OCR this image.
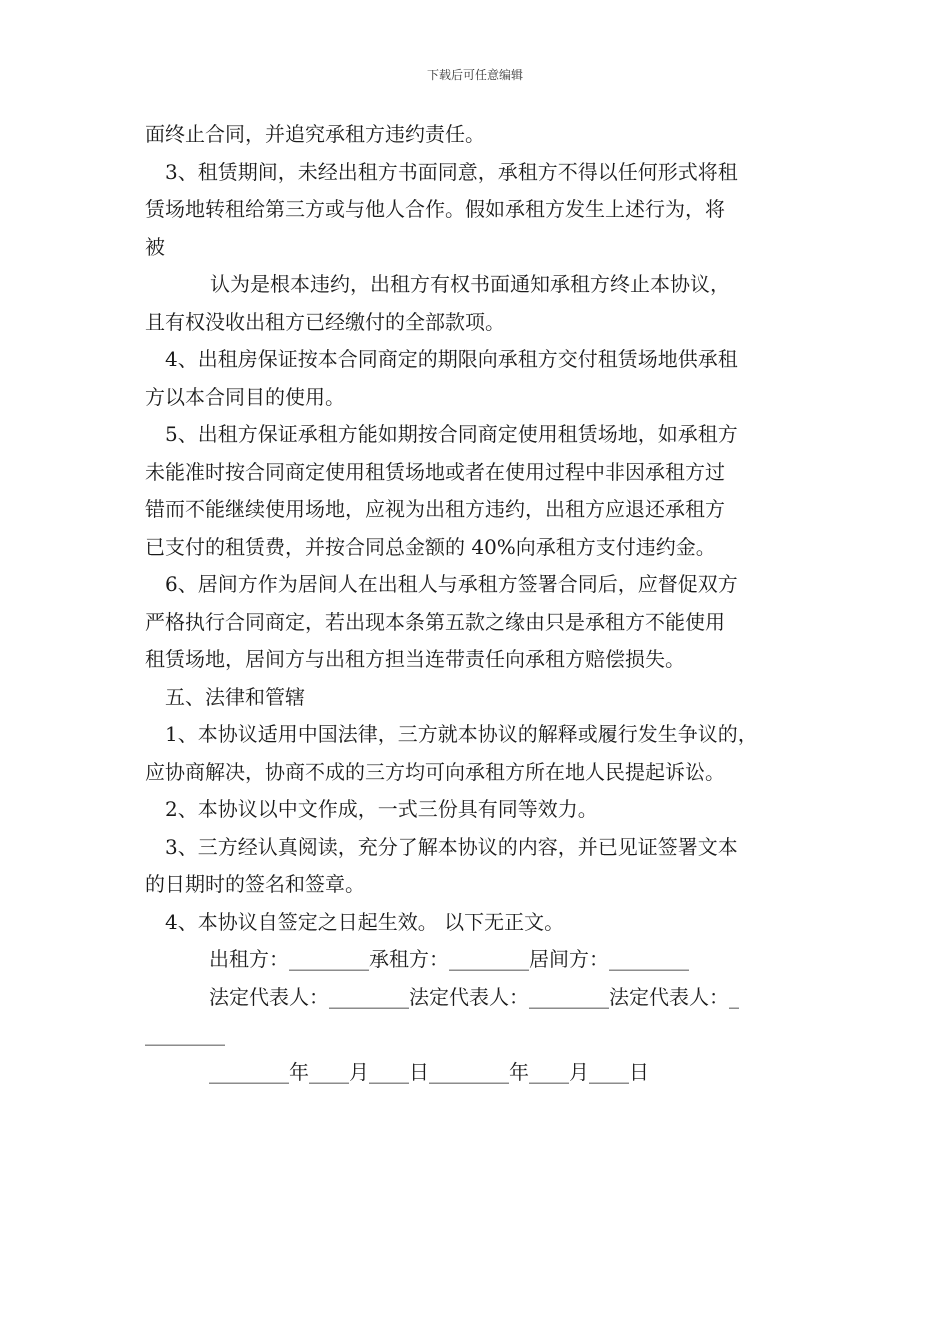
下载后可任意编辑
面终止合同，并追究承租方违约责任。
3、租赁期间，未经出租方书面同意，承租方不得以任何形式将租
赁场地转租给第三方或与他人合作。假如承租方发生上述行为，将
被
认为是根本违约，出租方有权书面通知承租方终止本协议，
且有权没收出租方已经缴付的全部款项。
4、出租房保证按本合同商定的期限向承租方交付租赁场地供承租
方以本合同目的使用。
5、出租方保证承租方能如期按合同商定使用租赁场地，如承租方
未能准时按合同商定使用租赁场地或者在使用过程中非因承租方过
错而不能继续使用场地，应视为出租方违约，出租方应退还承租方
已支付的租赁费，并按合同总金额的 40%向承租方支付违约金。
6、居间方作为居间人在出租人与承租方签署合同后，应督促双方
严格执行合同商定，若出现本条第五款之缘由只是承租方不能使用
租赁场地，居间方与出租方担当连带责任向承租方赔偿损失。
五、法律和管辖
1、本协议适用中国法律，三方就本协议的解释或履行发生争议的，
应协商解决，协商不成的三方均可向承租方所在地人民提起诉讼。
2、本协议以中文作成，一式三份具有同等效力。
3、三方经认真阅读，充分了解本协议的内容，并已见证签署文本
的日期时的签名和签章。
4、本协议自签定之日起生效。 以下无正文。
出租方：________承租方：________居间方：________
法定代表人：________法定代表人：________法定代表人：_
________
________年____月____日________年____月____日
